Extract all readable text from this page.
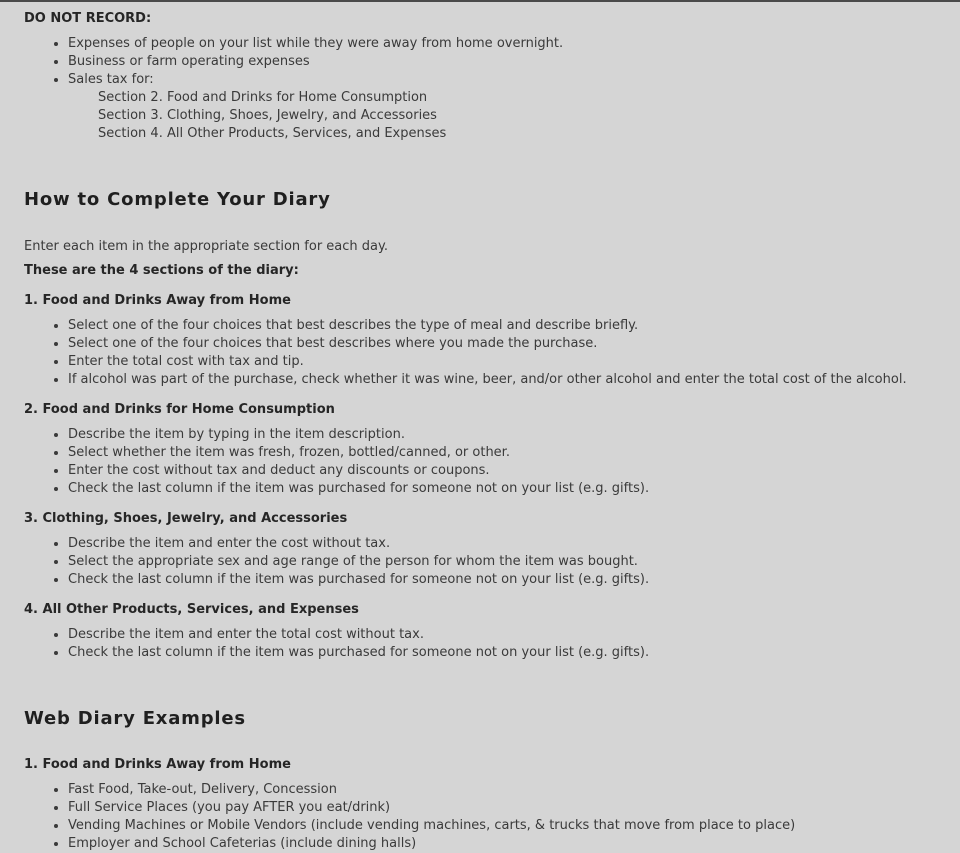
DO NOT RECORD:
• Expenses of people on your list while they were away from home overnight.
• Business or farm operating expenses
• Sales tax for:
Section 2. Food and Drinks for Home Consumption
Section 3. Clothing, Shoes, Jewelry, and Accessories
Section 4. All Other Products, Services, and Expenses
How to Complete Your Diary

Enter each item in the appropriate section for each day.

These are the 4 sections of the diary:
1. Food and Drinks Away from Home
• Select one of the four choices that best describes the type of meal and describe briefly.
• Select one of the four choices that best describes where you made the purchase.
• Enter the total cost with tax and tip.
• If alcohol was part of the purchase, check whether it was wine, beer, and/or other alcohol and enter the total cost of the alcohol.
2. Food and Drinks for Home Consumption
• Describe the item by typing in the item description.
• Select whether the item was fresh, frozen, bottled/canned, or other.
• Enter the cost without tax and deduct any discounts or coupons.
• Check the last column if the item was purchased for someone not on your list (e.g. gifts).
3. Clothing, Shoes, Jewelry, and Accessories
• Describe the item and enter the cost without tax.
• Select the appropriate sex and age range of the person for whom the item was bought.
• Check the last column if the item was purchased for someone not on your list (e.g. gifts).
4. All Other Products, Services, and Expenses
• Describe the item and enter the total cost without tax.
• Check the last column if the item was purchased for someone not on your list (e.g. gifts).
Web Diary Examples
1. Food and Drinks Away from Home
• Fast Food, Take-out, Delivery, Concession
• Full Service Places (you pay AFTER you eat/drink)
• Vending Machines or Mobile Vendors (include vending machines, carts, & trucks that move from place to place)
• Employer and School Cafeterias (include dining halls)
